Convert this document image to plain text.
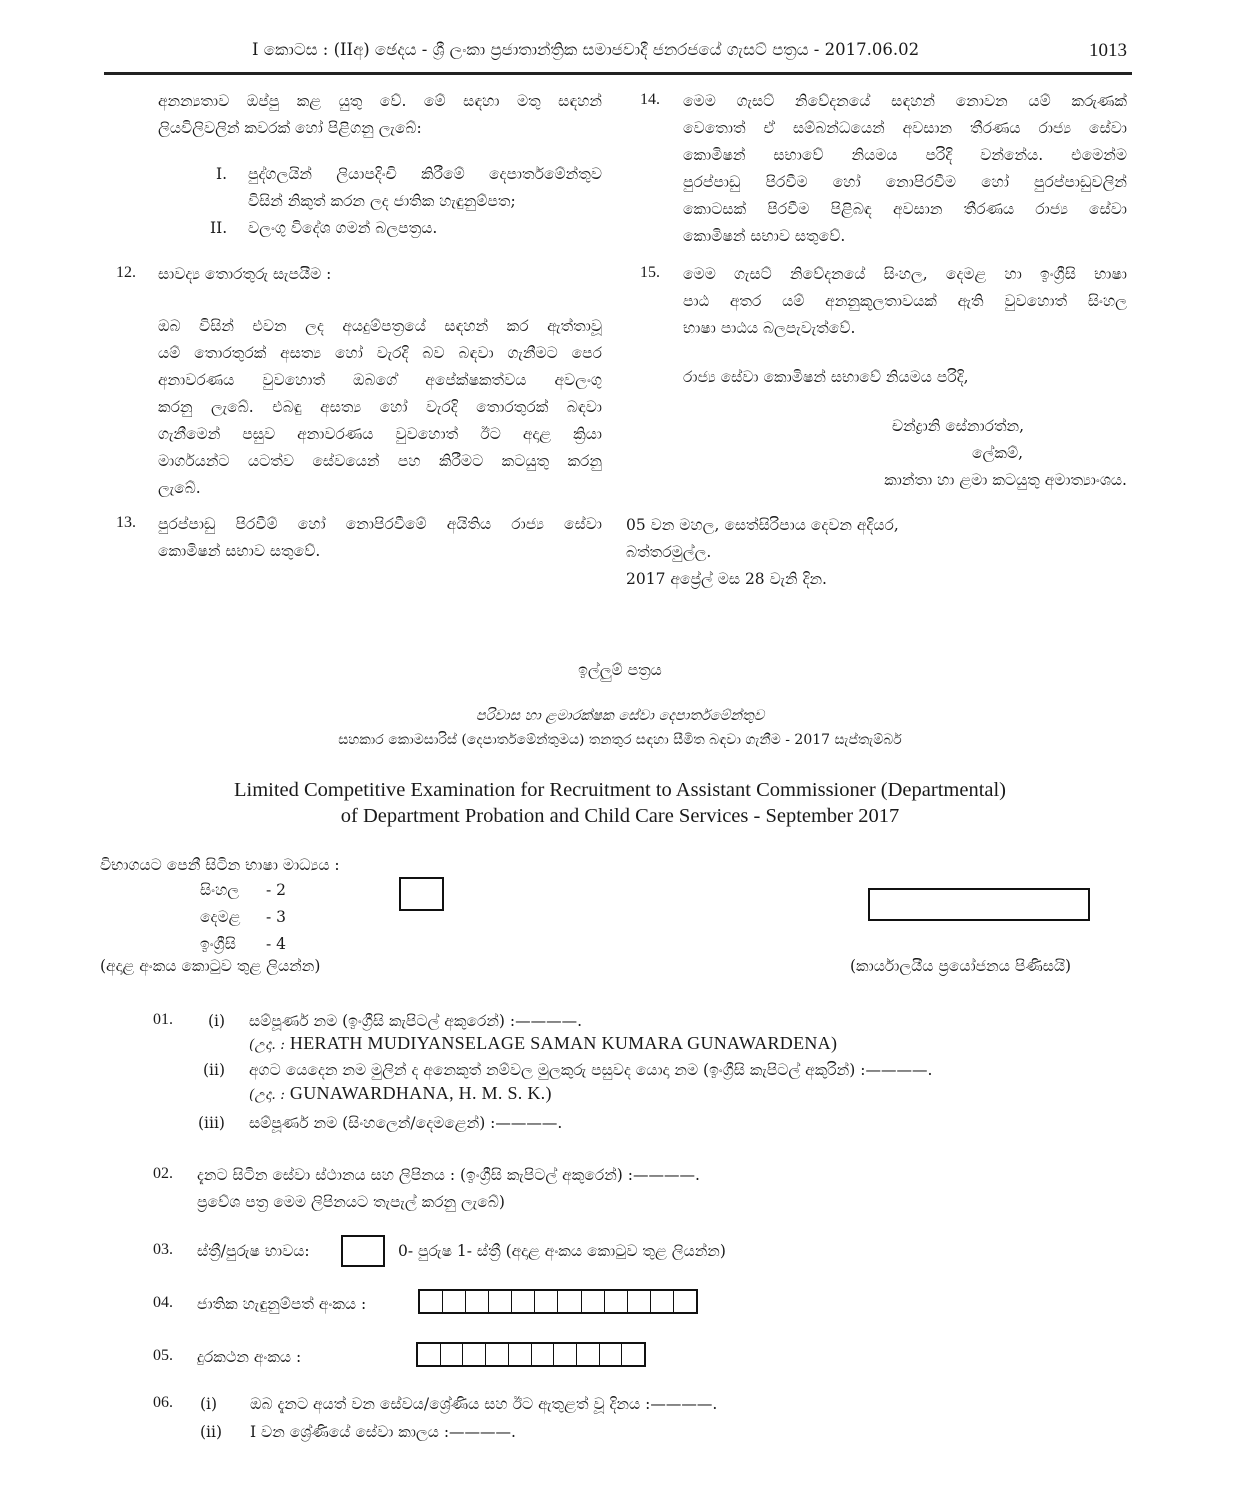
I කොටස : (IIඅ) ඡෙදය - ශ්‍රී ලංකා ප්‍රජාතාන්ත්‍රික සමාජවාදී ජනරජයේ ගැසට් පත්‍රය - 2017.06.02	1013
අනන්‍යතාව ඔප්පු කළ යුතු වේ. මේ සඳහා මතු සඳහන්
ලියවිලිවලින් කවරක් හෝ පිළිගනු ලැබේ:
I. පුද්ගලයින් ලියාපදිංචි කිරීමේ දෙපාර්තමේන්තුව
විසින් නිකුත් කරන ලද ජාතික හැඳුනුම්පත;
II. වලංගු විදේශ ගමන් බලපත්‍රය.
12. සාවද්‍ය තොරතුරු සැපයීම :
ඔබ විසින් එවන ලද අයදුම්පත්‍රයේ සඳහන් කර ඇත්තාවූ
යම් තොරතුරක් අසත්‍ය හෝ වැරදි බව බඳවා ගැනීමට පෙර
අනාවරණය වුවහොත් ඔබගේ අපේක්ෂකත්වය අවලංගු
කරනු ලැබේ. එබඳු අසත්‍ය හෝ වැරදි තොරතුරක් බඳවා
ගැනීමෙන් පසුව අනාවරණය වුවහොත් ඊට අදාළ ක්‍රියා
මාර්ගයන්ට යටත්ව සේවයෙන් පහ කිරීමට කටයුතු කරනු
ලැබේ.
13. පුරප්පාඩු පිරවීම් හෝ නොපිරවීමේ අයිතිය රාජ්‍ය සේවා
කොමිෂන් සභාව සතුවේ.
14. මෙම ගැසට් නිවේදනයේ සඳහන් නොවන යම් කරුණක්
වෙතොත් ඒ සම්බන්ධයෙන් අවසාන තීරණය රාජ්‍ය සේවා
කොමිෂන් සභාවේ නියමය පරිදි වන්නේය. එමෙන්ම
පුරප්පාඩු පිරවීම හෝ නොපිරවීම හෝ පුරප්පාඩුවලින්
කොටසක් පිරවීම පිළිබඳ අවසාන තීරණය රාජ්‍ය සේවා
කොමිෂන් සභාව සතුවේ.
15. මෙම ගැසට් නිවේදනයේ සිංහල, දෙමළ හා ඉංග්‍රීසි භාෂා
පාඨ අතර යම් අනනුකූලතාවයක් ඇති වුවහොත් සිංහල
භාෂා පාඨය බලපැවැත්වේ.
රාජ්‍ය සේවා කොමිෂන් සභාවේ නියමය පරිදි,
චන්ද්‍රානි සේනාරත්න,
ලේකම්,
කාන්තා හා ළමා කටයුතු අමාත්‍යාංශය.
05 වන මහල, සෙත්සිරිපාය දෙවන අදියර,
බත්තරමුල්ල.
2017 අප්‍රේල් මස 28 වැනි දින.
ඉල්ලුම් පත්‍රය
පරිවාස හා ළමාරක්ෂක සේවා දෙපාර්තමේන්තුව
සහකාර කොමසාරිස් (දෙපාර්තමේන්තුමය) තනතුර සඳහා සීමිත බඳවා ගැනීම - 2017 සැප්තැම්බර්
Limited Competitive Examination for Recruitment to Assistant Commissioner (Departmental)
of Department Probation and Child Care Services - September 2017
විභාගයට පෙනී සිටින භාෂා මාධ්‍යය :
සිංහල - 2
දෙමළ - 3
ඉංග්‍රීසි - 4
(අදාළ අංකය කොටුව තුළ ලියන්න)	(කාර්යාලයීය ප්‍රයෝජනය පිණිසයි)
01. (i) සම්පූර්ණ නම (ඉංග්‍රීසි කැපිටල් අකුරෙන්) :————.
(උදා. : HERATH MUDIYANSELAGE SAMAN KUMARA GUNAWARDENA)
(ii) අගට යෙදෙන නම මුලින් ද අනෙකුත් නම්වල මුලකුරු පසුවද යොදා නම (ඉංග්‍රීසි කැපිටල් අකුරින්) :————.
(උදා. : GUNAWARDHANA, H. M. S. K.)
(iii) සම්පූර්ණ නම (සිංහලෙන්/දෙමළෙන්) :————.
02. දැනට සිටින සේවා ස්ථානය සහ ලිපිනය : (ඉංග්‍රීසි කැපිටල් අකුරෙන්) :————.
ප්‍රවේශ පත්‍ර මෙම ලිපිනයට තැපැල් කරනු ලැබේ)
03. ස්ත්‍රී/පුරුෂ භාවය:	0- පුරුෂ 1- ස්ත්‍රී (අදාළ අංකය කොටුව තුළ ලියන්න)
04. ජාතික හැඳුනුම්පත් අංකය :
05. දුරකථන අංකය :
06. (i) ඔබ දැනට අයත් වන සේවය/ශ්‍රේණිය සහ ඊට ඇතුළත් වූ දිනය :————.
(ii) I වන ශ්‍රේණියේ සේවා කාලය :————.
